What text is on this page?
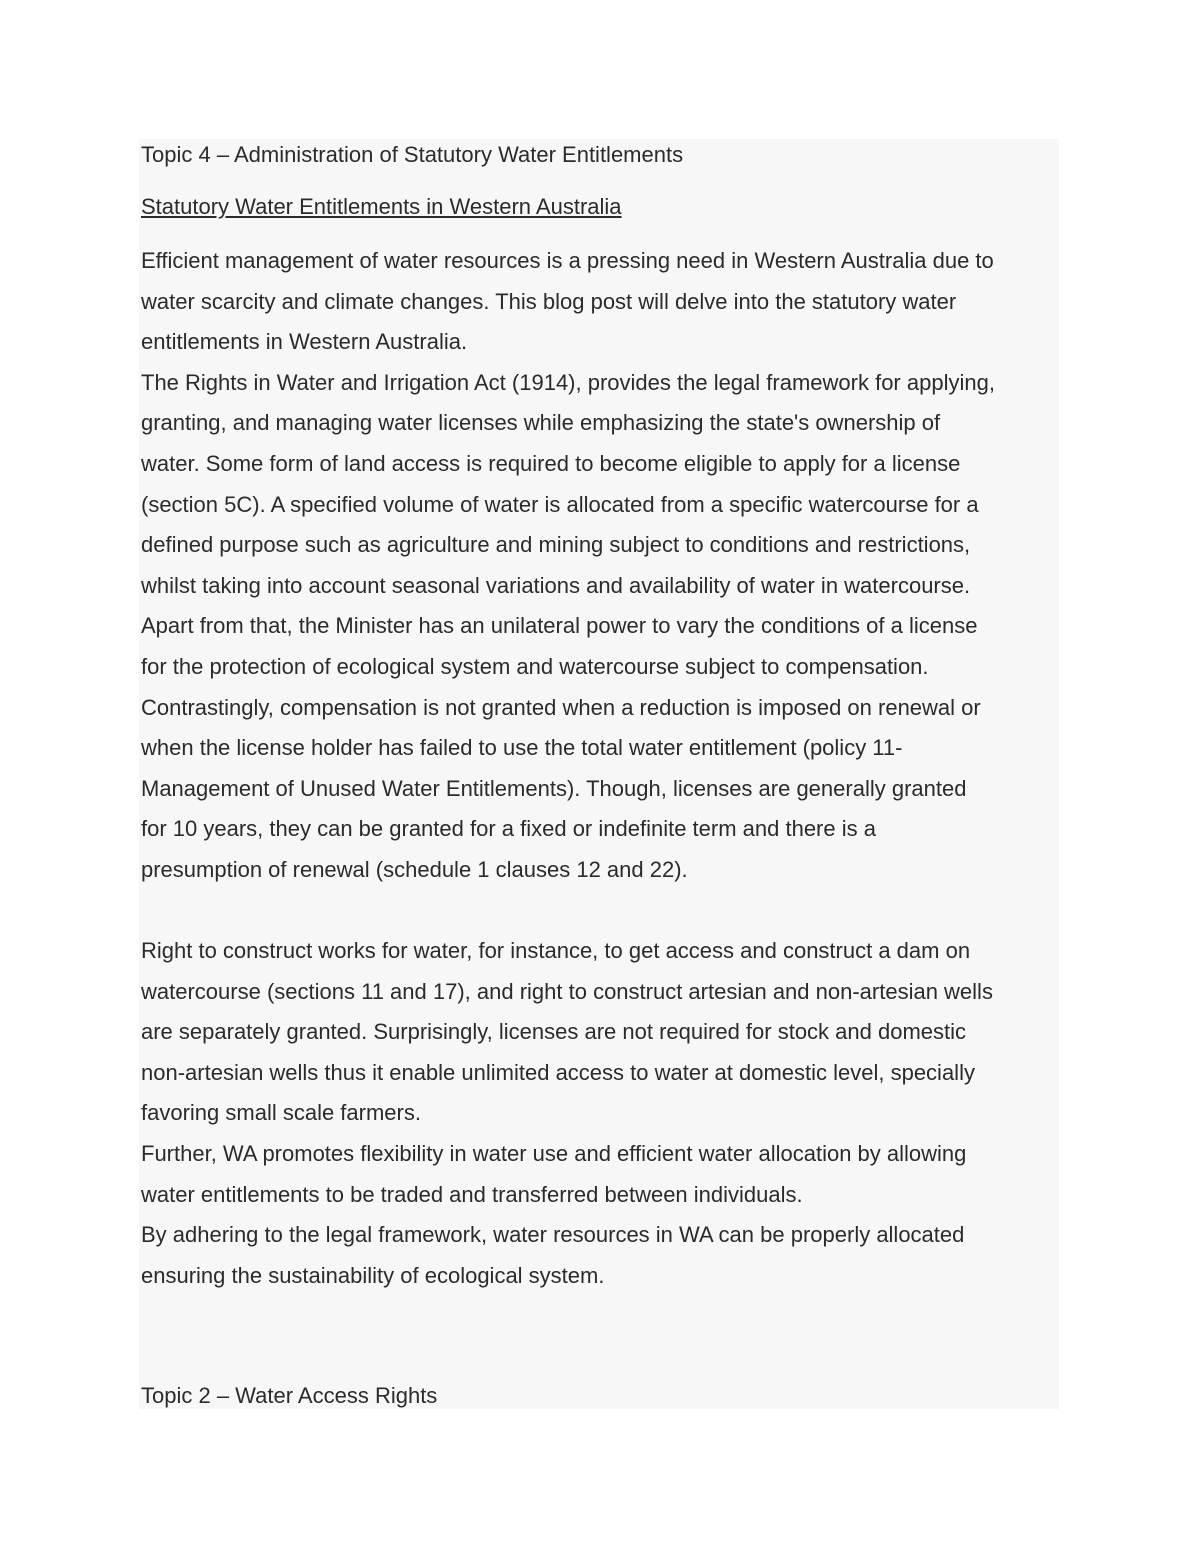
Topic 4 – Administration of Statutory Water Entitlements
Statutory Water Entitlements in Western Australia
Efficient management of water resources is a pressing need in Western Australia due to
water scarcity and climate changes. This blog post will delve into the statutory water
entitlements in Western Australia.
The Rights in Water and Irrigation Act (1914), provides the legal framework for applying,
granting, and managing water licenses while emphasizing the state's ownership of
water. Some form of land access is required to become eligible to apply for a license
(section 5C). A specified volume of water is allocated from a specific watercourse for a
defined purpose such as agriculture and mining subject to conditions and restrictions,
whilst taking into account seasonal variations and availability of water in watercourse.
Apart from that, the Minister has an unilateral power to vary the conditions of a license
for the protection of ecological system and watercourse subject to compensation.
Contrastingly, compensation is not granted when a reduction is imposed on renewal or
when the license holder has failed to use the total water entitlement (policy 11-
Management of Unused Water Entitlements). Though, licenses are generally granted
for 10 years, they can be granted for a fixed or indefinite term and there is a
presumption of renewal (schedule 1 clauses 12 and 22).
Right to construct works for water, for instance, to get access and construct a dam on
watercourse (sections 11 and 17), and right to construct artesian and non-artesian wells
are separately granted. Surprisingly, licenses are not required for stock and domestic
non-artesian wells thus it enable unlimited access to water at domestic level, specially
favoring small scale farmers.
Further, WA promotes flexibility in water use and efficient water allocation by allowing
water entitlements to be traded and transferred between individuals.
By adhering to the legal framework, water resources in WA can be properly allocated
ensuring the sustainability of ecological system.
Topic 2 – Water Access Rights
